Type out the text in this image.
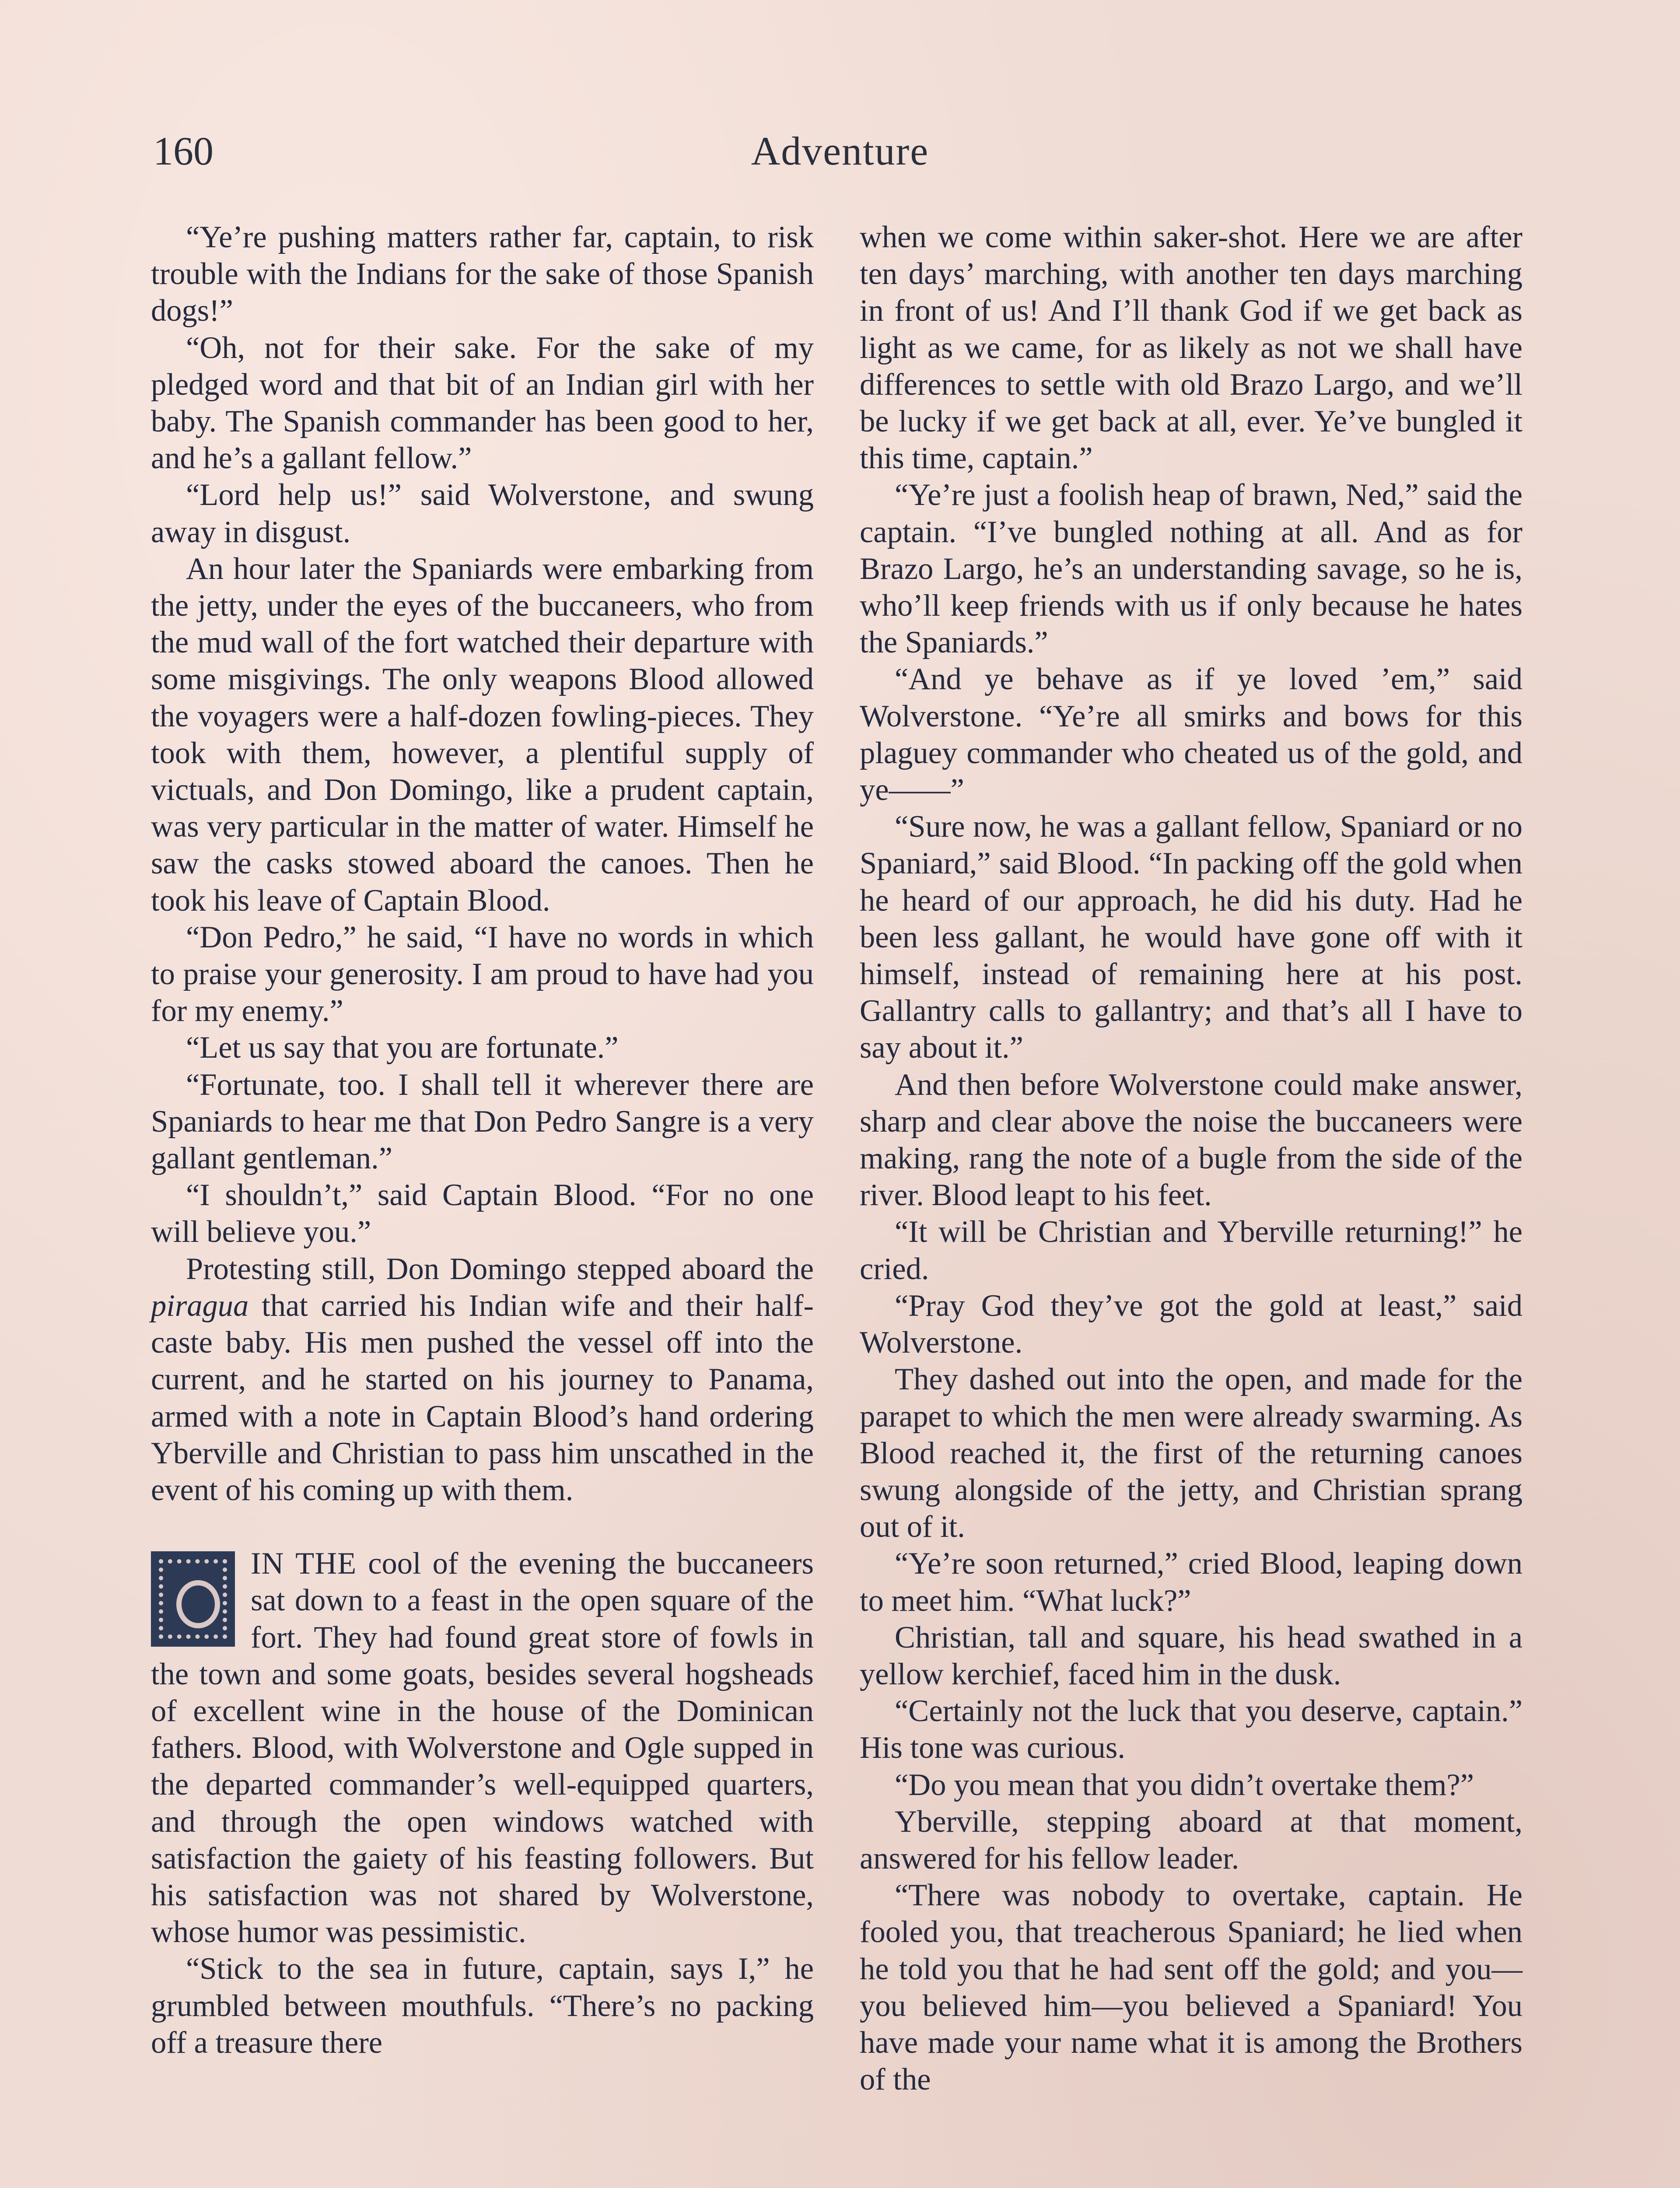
160	Adventure

“Ye’re pushing matters rather far, captain, to risk trouble with the Indians for the sake of those Spanish dogs!”

“Oh, not for their sake. For the sake of my pledged word and that bit of an Indian girl with her baby. The Spanish commander has been good to her, and he’s a gallant fellow.”

“Lord help us!” said Wolverstone, and swung away in disgust.

An hour later the Spaniards were embarking from the jetty, under the eyes of the buccaneers, who from the mud wall of the fort watched their departure with some misgivings. The only weapons Blood allowed the voyagers were a half-dozen fowling-pieces. They took with them, however, a plentiful supply of victuals, and Don Domingo, like a prudent captain, was very particular in the matter of water. Himself he saw the casks stowed aboard the canoes. Then he took his leave of Captain Blood.

“Don Pedro,” he said, “I have no words in which to praise your generosity. I am proud to have had you for my enemy.”

“Let us say that you are fortunate.”

“Fortunate, too. I shall tell it wherever there are Spaniards to hear me that Don Pedro Sangre is a very gallant gentleman.”

“I shouldn’t,” said Captain Blood. “For no one will believe you.”

Protesting still, Don Domingo stepped aboard the piragua that carried his Indian wife and their half-caste baby. His men pushed the vessel off into the current, and he started on his journey to Panama, armed with a note in Captain Blood’s hand ordering Yberville and Christian to pass him unscathed in the event of his coming up with them.

IN THE cool of the evening the buccaneers sat down to a feast in the open square of the fort. They had found great store of fowls in the town and some goats, besides several hogsheads of excellent wine in the house of the Dominican fathers. Blood, with Wolverstone and Ogle supped in the departed commander’s well-equipped quarters, and through the open windows watched with satisfaction the gaiety of his feasting followers. But his satisfaction was not shared by Wolverstone, whose humor was pessimistic.

“Stick to the sea in future, captain, says I,” he grumbled between mouthfuls. “There’s no packing off a treasure there

when we come within saker-shot. Here we are after ten days’ marching, with another ten days marching in front of us! And I’ll thank God if we get back as light as we came, for as likely as not we shall have differences to settle with old Brazo Largo, and we’ll be lucky if we get back at all, ever. Ye’ve bungled it this time, captain.”

“Ye’re just a foolish heap of brawn, Ned,” said the captain. “I’ve bungled nothing at all. And as for Brazo Largo, he’s an understanding savage, so he is, who’ll keep friends with us if only because he hates the Spaniards.”

“And ye behave as if ye loved ’em,” said Wolverstone. “Ye’re all smirks and bows for this plaguey commander who cheated us of the gold, and ye——”

“Sure now, he was a gallant fellow, Spaniard or no Spaniard,” said Blood. “In packing off the gold when he heard of our approach, he did his duty. Had he been less gallant, he would have gone off with it himself, instead of remaining here at his post. Gallantry calls to gallantry; and that’s all I have to say about it.”

And then before Wolverstone could make answer, sharp and clear above the noise the buccaneers were making, rang the note of a bugle from the side of the river. Blood leapt to his feet.

“It will be Christian and Yberville returning!” he cried.

“Pray God they’ve got the gold at least,” said Wolverstone.

They dashed out into the open, and made for the parapet to which the men were already swarming. As Blood reached it, the first of the returning canoes swung alongside of the jetty, and Christian sprang out of it.

“Ye’re soon returned,” cried Blood, leaping down to meet him. “What luck?”

Christian, tall and square, his head swathed in a yellow kerchief, faced him in the dusk.

“Certainly not the luck that you deserve, captain.” His tone was curious.

“Do you mean that you didn’t overtake them?”

Yberville, stepping aboard at that moment, answered for his fellow leader.

“There was nobody to overtake, captain. He fooled you, that treacherous Spaniard; he lied when he told you that he had sent off the gold; and you—you believed him—you believed a Spaniard! You have made your name what it is among the Brothers of the
